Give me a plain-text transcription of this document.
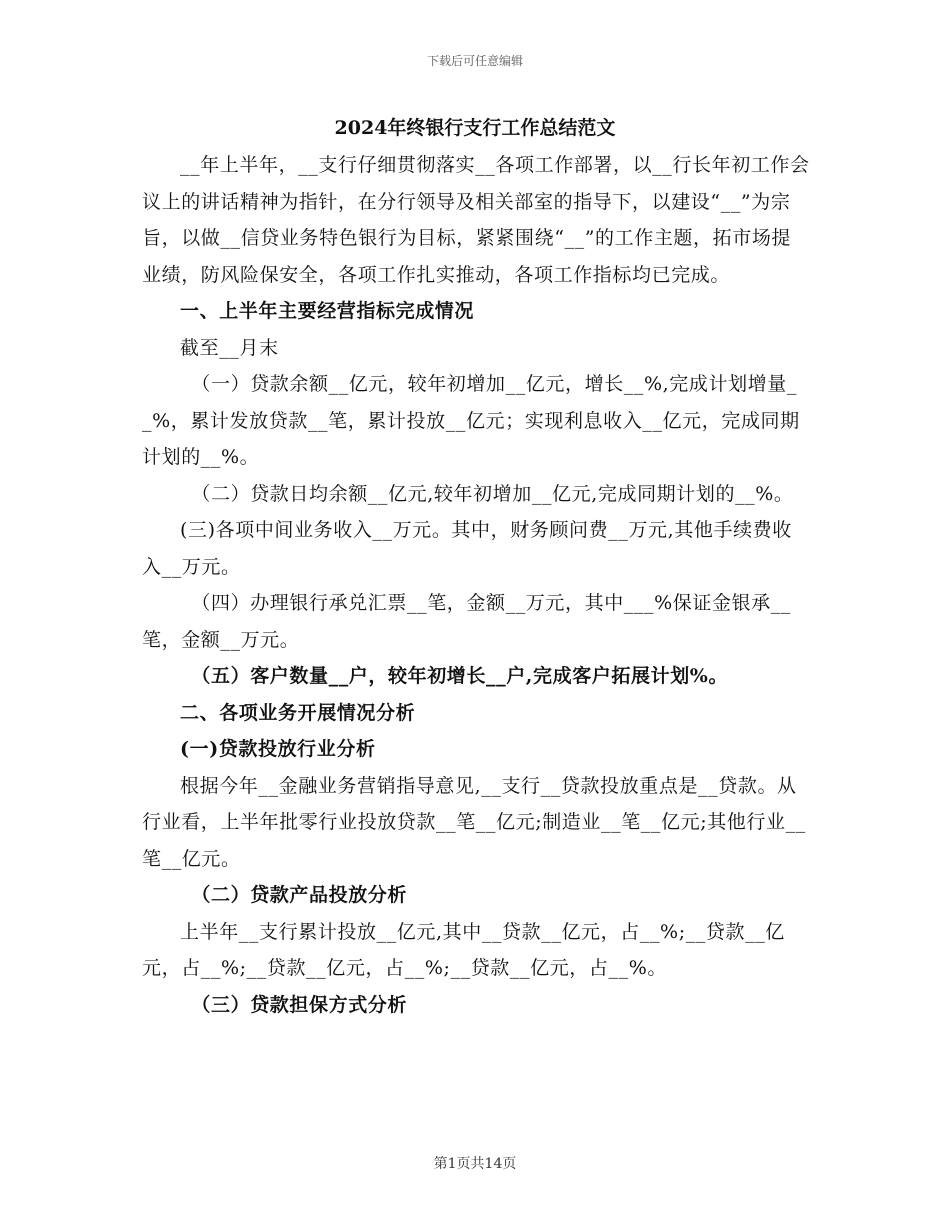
下载后可任意编辑
2024年终银行支行工作总结范文

__年上半年，__支行仔细贯彻落实__各项工作部署，以__行长年初工作会议上的讲话精神为指针，在分行领导及相关部室的指导下，以建设“__”为宗旨，以做__信贷业务特色银行为目标，紧紧围绕“__”的工作主题，拓市场提业绩，防风险保安全，各项工作扎实推动，各项工作指标均已完成。

一、上半年主要经营指标完成情况

截至__月末

（一）贷款余额__亿元，较年初增加__亿元，增长__%,完成计划增量__%，累计发放贷款__笔，累计投放__亿元；实现利息收入__亿元，完成同期计划的__%。

（二）贷款日均余额__亿元,较年初增加__亿元,完成同期计划的__%。

(三)各项中间业务收入__万元。其中，财务顾问费__万元,其他手续费收入__万元。

（四）办理银行承兑汇票__笔，金额__万元，其中___%保证金银承__笔，金额__万元。

（五）客户数量__户，较年初增长__户,完成客户拓展计划%。

二、各项业务开展情况分析

(一)贷款投放行业分析

根据今年__金融业务营销指导意见,__支行__贷款投放重点是__贷款。从行业看，上半年批零行业投放贷款__笔__亿元;制造业__笔__亿元;其他行业__笔__亿元。

（二）贷款产品投放分析

上半年__支行累计投放__亿元,其中__贷款__亿元，占__%;__贷款__亿元，占__%;__贷款__亿元，占__%;__贷款__亿元，占__%。

（三）贷款担保方式分析

第1页共14页
